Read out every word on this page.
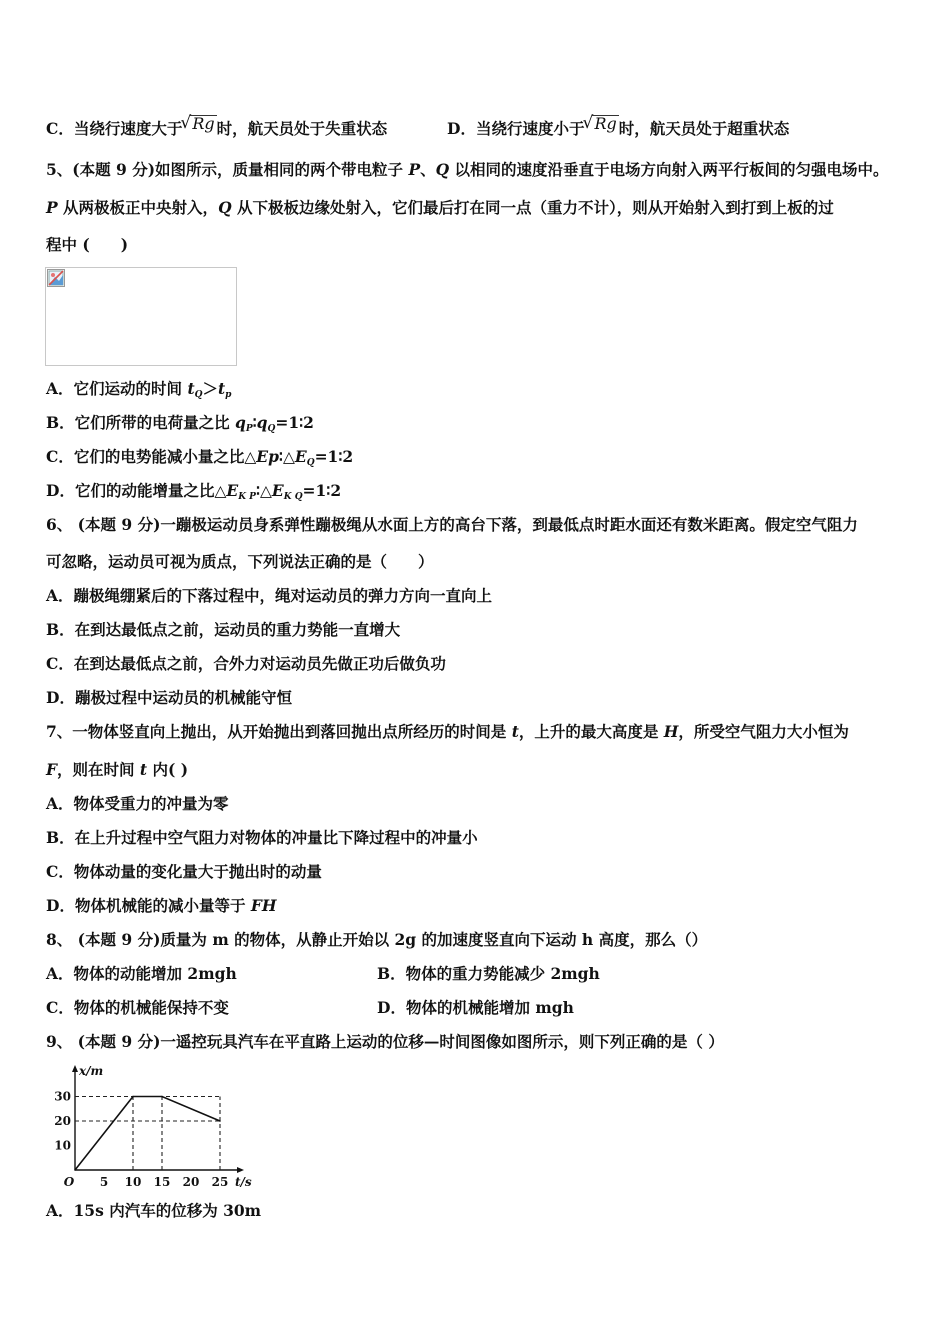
C．当绕行速度大于 √ Rg 时，航天员处于失重状态	D．当绕行速度小于 √ Rg 时，航天员处于超重状态
5、(本题 9 分)如图所示，质量相同的两个带电粒子 P、Q 以相同的速度沿垂直于电场方向射入两平行板间的匀强电场中。
P 从两极板正中央射入，Q 从下极板边缘处射入，它们最后打在同一点（重力不计），则从开始射入到打到上板的过
程中 (　　)
A．它们运动的时间 $t_Q>t_p$
B．它们所带的电荷量之比 $q_P∶q_Q=1∶2$
C．它们的电势能减小量之比$\triangle Ep∶\triangle E_Q=1∶2$
D．它们的动能增量之比$\triangle E_{K P}∶\triangle E_{K Q}=1∶2$
6、 (本题 9 分)一蹦极运动员身系弹性蹦极绳从水面上方的高台下落，到最低点时距水面还有数米距离。假定空气阻力
可忽略，运动员可视为质点，下列说法正确的是（　　）
A．蹦极绳绷紧后的下落过程中，绳对运动员的弹力方向一直向上
B．在到达最低点之前，运动员的重力势能一直增大
C．在到达最低点之前，合外力对运动员先做正功后做负功
D．蹦极过程中运动员的机械能守恒
7、一物体竖直向上抛出，从开始抛出到落回抛出点所经历的时间是 t，上升的最大高度是 H，所受空气阻力大小恒为
F，则在时间 t 内( )
A．物体受重力的冲量为零
B．在上升过程中空气阻力对物体的冲量比下降过程中的冲量小
C．物体动量的变化量大于抛出时的动量
D．物体机械能的减小量等于 FH
8、 (本题 9 分)质量为 m 的物体，从静止开始以 2g 的加速度竖直向下运动 h 高度，那么（）
A．物体的动能增加 2mgh	B．物体的重力势能减少 2mgh
C．物体的机械能保持不变	D．物体的机械能增加 mgh
9、 (本题 9 分)一遥控玩具汽车在平直路上运动的位移—时间图像如图所示，则下列正确的是（ ）
x/m
t/s
10
20
30
O 5 10 15 20 25
A．15s 内汽车的位移为 30m
